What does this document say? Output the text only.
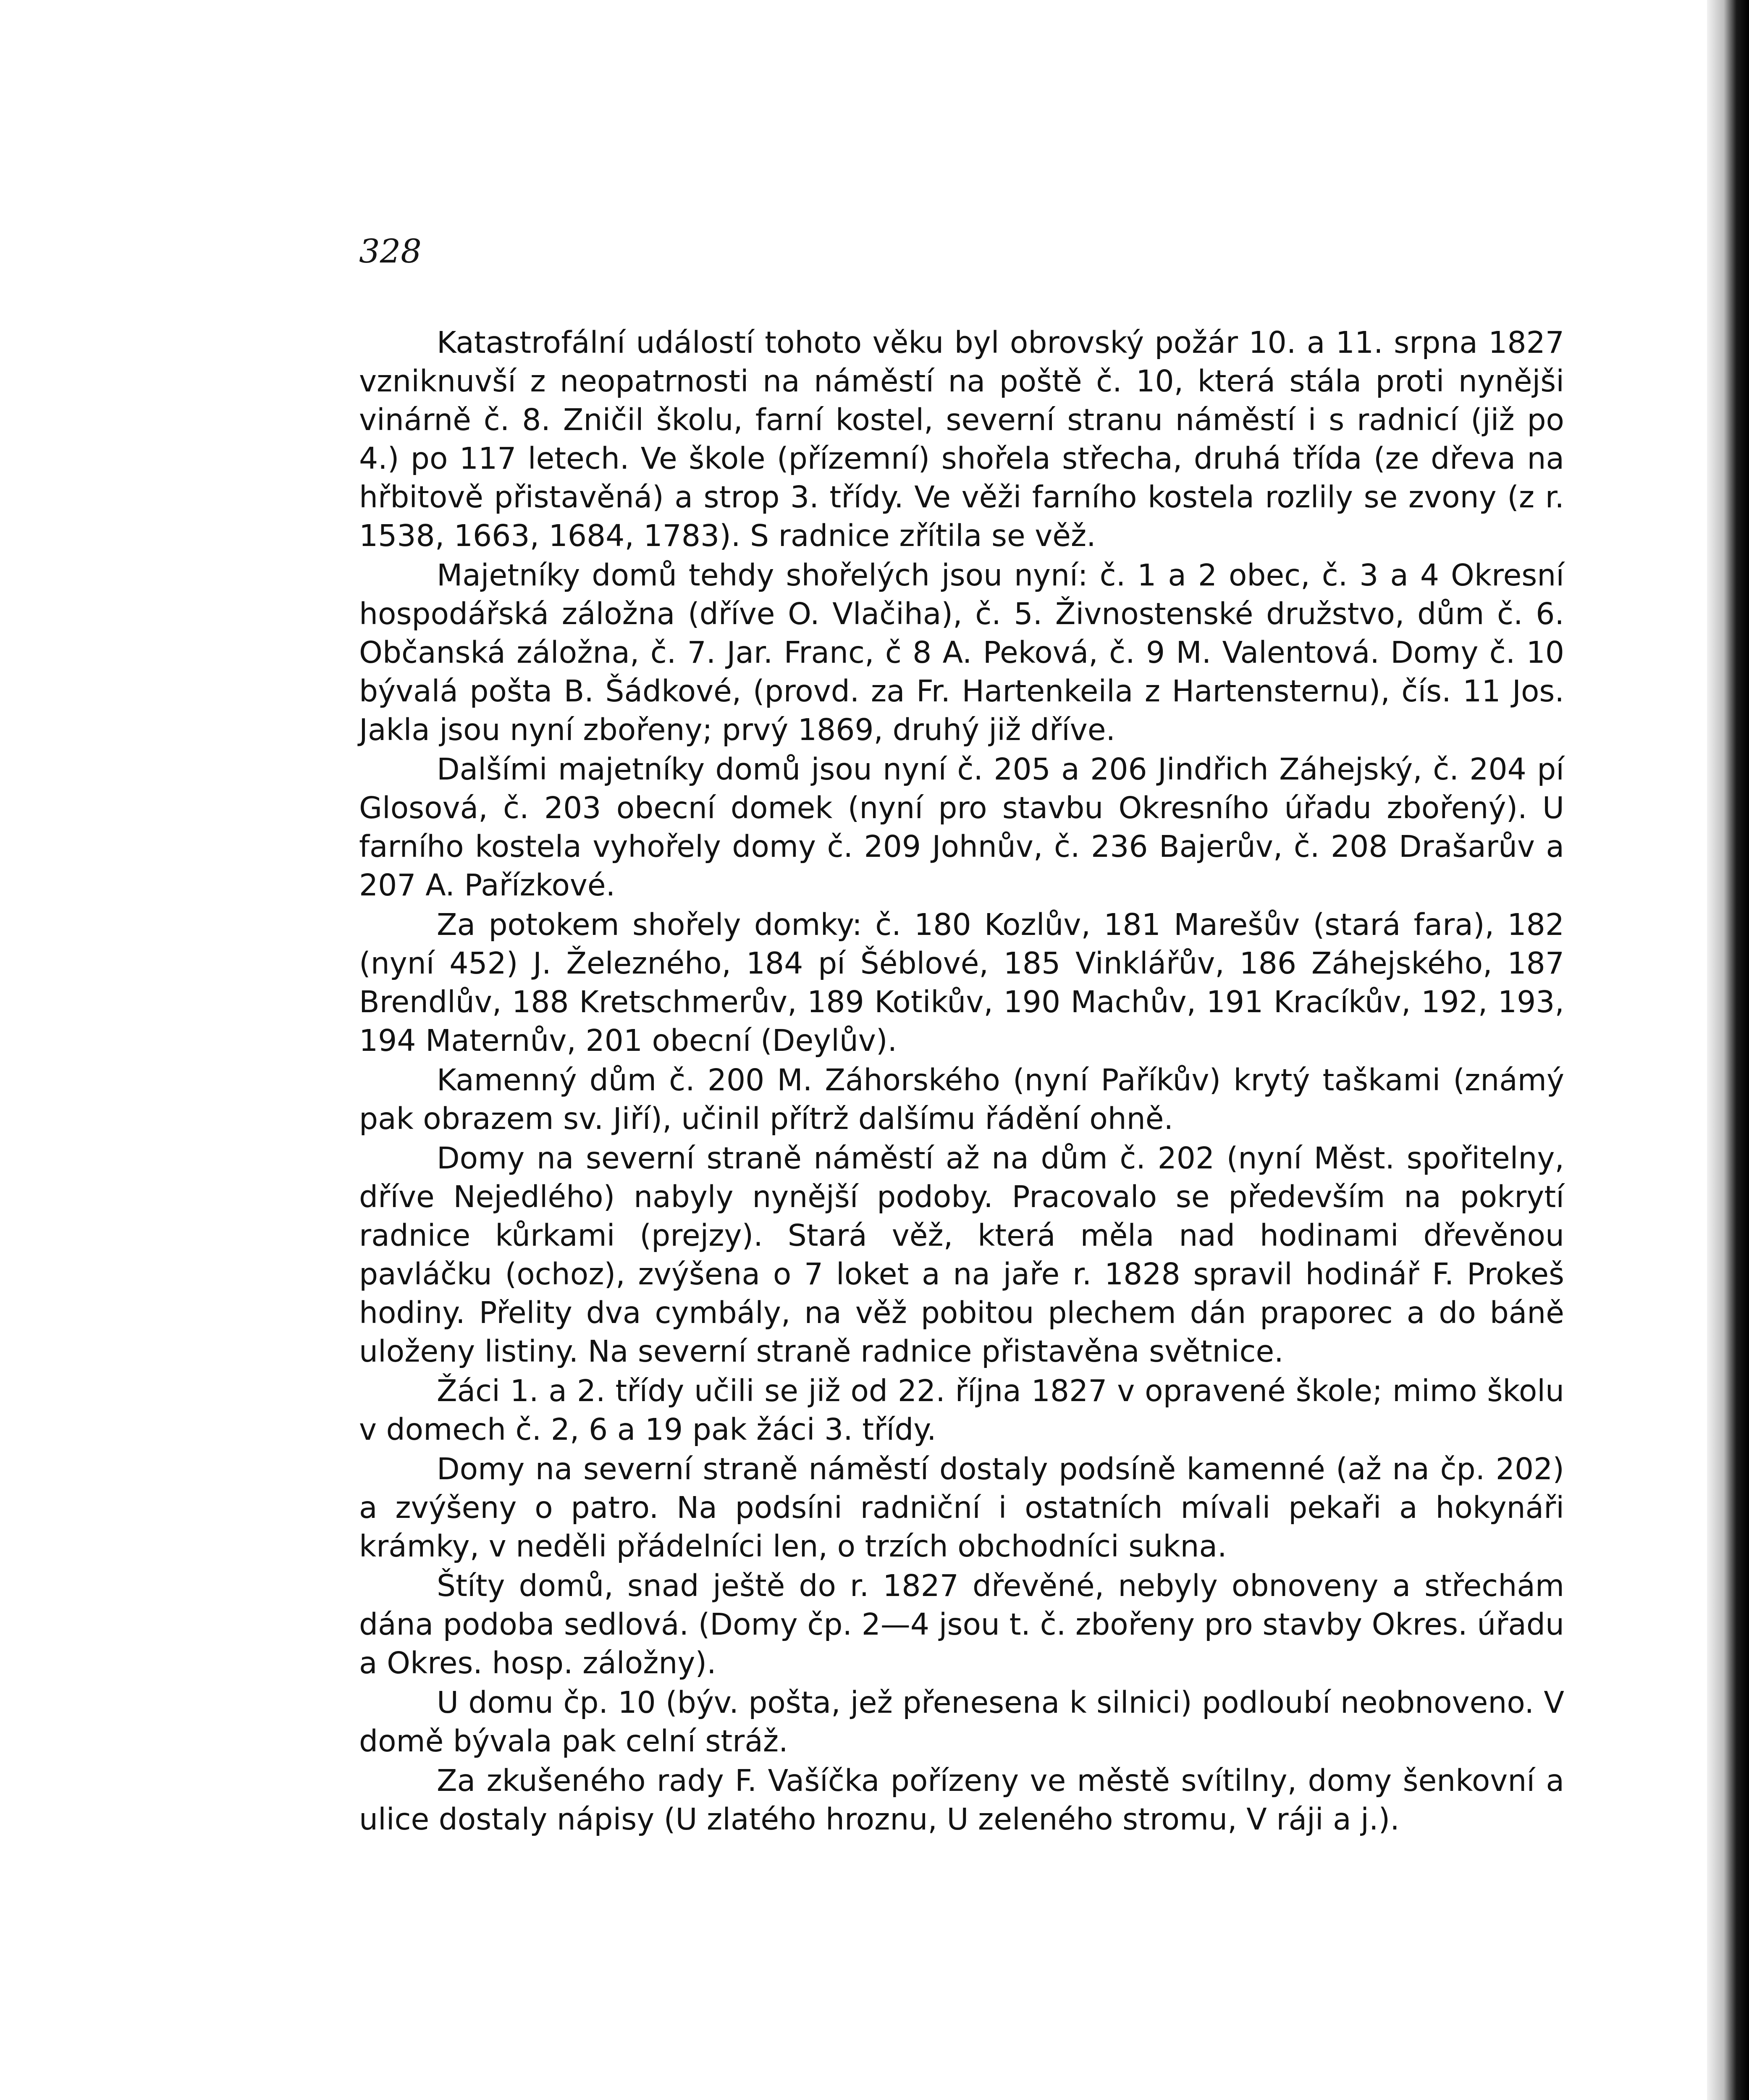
328

Katastrofální událostí tohoto věku byl obrovský požár 10. a 11. srpna 1827 vzniknuvší z neopatrnosti na náměstí na poště č. 10, která stála proti nynějši vinárně č. 8. Zničil školu, farní kostel, severní stranu náměstí i s radnicí (již po 4.) po 117 letech. Ve škole (přízemní) shořela střecha, druhá třída (ze dřeva na hřbitově přistavěná) a strop 3. třídy. Ve věži farního kostela rozlily se zvony (z r. 1538, 1663, 1684, 1783). S radnice zřítila se věž.

Majetníky domů tehdy shořelých jsou nyní: č. 1 a 2 obec, č. 3 a 4 Okresní hospodářská záložna (dříve O. Vlačiha), č. 5. Živnostenské družstvo, dům č. 6. Občanská záložna, č. 7. Jar. Franc, č 8 A. Peková, č. 9 M. Valentová. Domy č. 10 bývalá pošta B. Šádkové, (provd. za Fr. Hartenkeila z Hartensternu), čís. 11 Jos. Jakla jsou nyní zbořeny; prvý 1869, druhý již dříve.

Dalšími majetníky domů jsou nyní č. 205 a 206 Jindřich Záhejský, č. 204 pí Glosová, č. 203 obecní domek (nyní pro stavbu Okresního úřadu zbořený). U farního kostela vyhořely domy č. 209 Johnův, č. 236 Bajerův, č. 208 Drašarův a 207 A. Pařízkové.

Za potokem shořely domky: č. 180 Kozlův, 181 Marešův (stará fara), 182 (nyní 452) J. Železného, 184 pí Šéblové, 185 Vinklářův, 186 Záhejského, 187 Brendlův, 188 Kretschmerův, 189 Kotikův, 190 Machův, 191 Kracíkův, 192, 193, 194 Maternův, 201 obecní (Deylův).

Kamenný dům č. 200 M. Záhorského (nyní Paříkův) krytý taškami (známý pak obrazem sv. Jiří), učinil přítrž dalšímu řádění ohně.

Domy na severní straně náměstí až na dům č. 202 (nyní Měst. spořitelny, dříve Nejedlého) nabyly nynější podoby. Pracovalo se především na pokrytí radnice kůrkami (prejzy). Stará věž, která měla nad hodinami dřevěnou pavláčku (ochoz), zvýšena o 7 loket a na jaře r. 1828 spravil hodinář F. Prokeš hodiny. Přelity dva cymbály, na věž pobitou plechem dán praporec a do báně uloženy listiny. Na severní straně radnice přistavěna světnice.

Žáci 1. a 2. třídy učili se již od 22. října 1827 v opravené škole; mimo školu v domech č. 2, 6 a 19 pak žáci 3. třídy.

Domy na severní straně náměstí dostaly podsíně kamenné (až na čp. 202) a zvýšeny o patro. Na podsíni radniční i ostatních mívali pekaři a hokynáři krámky, v neděli přádelníci len, o trzích obchodníci sukna.

Štíty domů, snad ještě do r. 1827 dřevěné, nebyly obnoveny a střechám dána podoba sedlová. (Domy čp. 2—4 jsou t. č. zbořeny pro stavby Okres. úřadu a Okres. hosp. záložny).

U domu čp. 10 (býv. pošta, jež přenesena k silnici) podloubí neobnoveno. V domě bývala pak celní stráž.

Za zkušeného rady F. Vašíčka pořízeny ve městě svítilny, domy šenkovní a ulice dostaly nápisy (U zlatého hroznu, U zeleného stromu, V ráji a j.).
